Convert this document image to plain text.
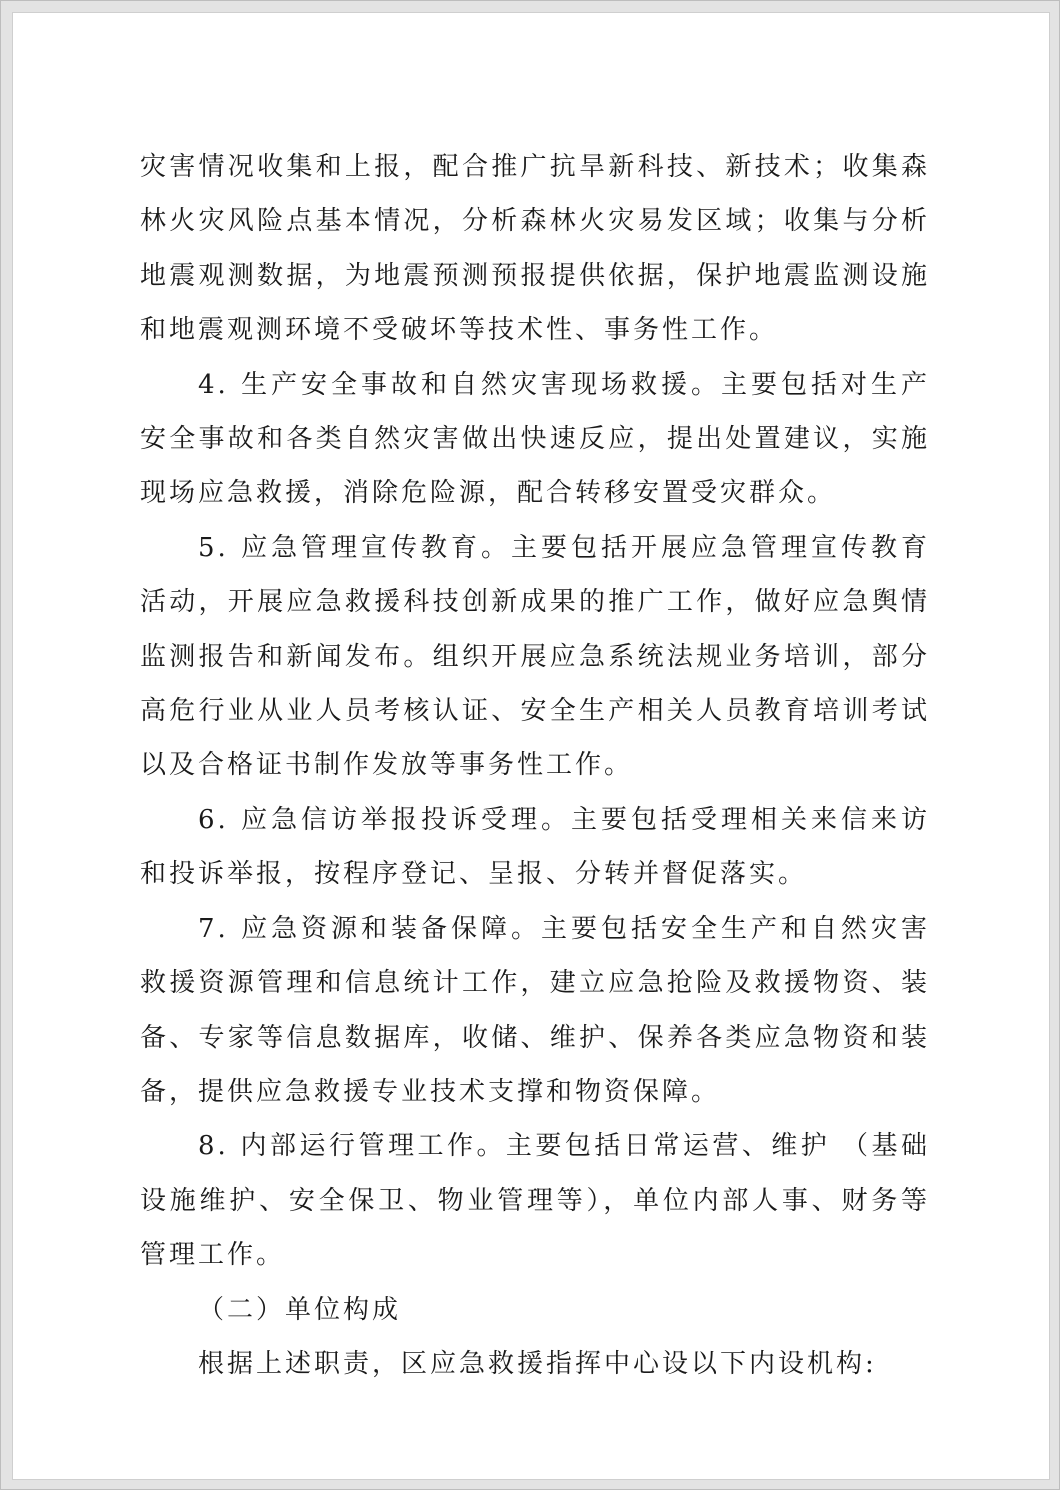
灾害情况收集和上报，配合推广抗旱新科技、新技术；收集森林火灾风险点基本情况，分析森林火灾易发区域；收集与分析地震观测数据，为地震预测预报提供依据，保护地震监测设施和地震观测环境不受破坏等技术性、事务性工作。

4. 生产安全事故和自然灾害现场救援。主要包括对生产安全事故和各类自然灾害做出快速反应，提出处置建议，实施现场应急救援，消除危险源，配合转移安置受灾群众。

5. 应急管理宣传教育。主要包括开展应急管理宣传教育活动，开展应急救援科技创新成果的推广工作，做好应急舆情监测报告和新闻发布。组织开展应急系统法规业务培训，部分高危行业从业人员考核认证、安全生产相关人员教育培训考试以及合格证书制作发放等事务性工作。

6. 应急信访举报投诉受理。主要包括受理相关来信来访和投诉举报，按程序登记、呈报、分转并督促落实。

7. 应急资源和装备保障。主要包括安全生产和自然灾害救援资源管理和信息统计工作，建立应急抢险及救援物资、装备、专家等信息数据库，收储、维护、保养各类应急物资和装备，提供应急救援专业技术支撑和物资保障。

8. 内部运行管理工作。主要包括日常运营、维护 （基础设施维护、安全保卫、物业管理等），单位内部人事、财务等管理工作。

（二）单位构成

根据上述职责，区应急救援指挥中心设以下内设机构:
